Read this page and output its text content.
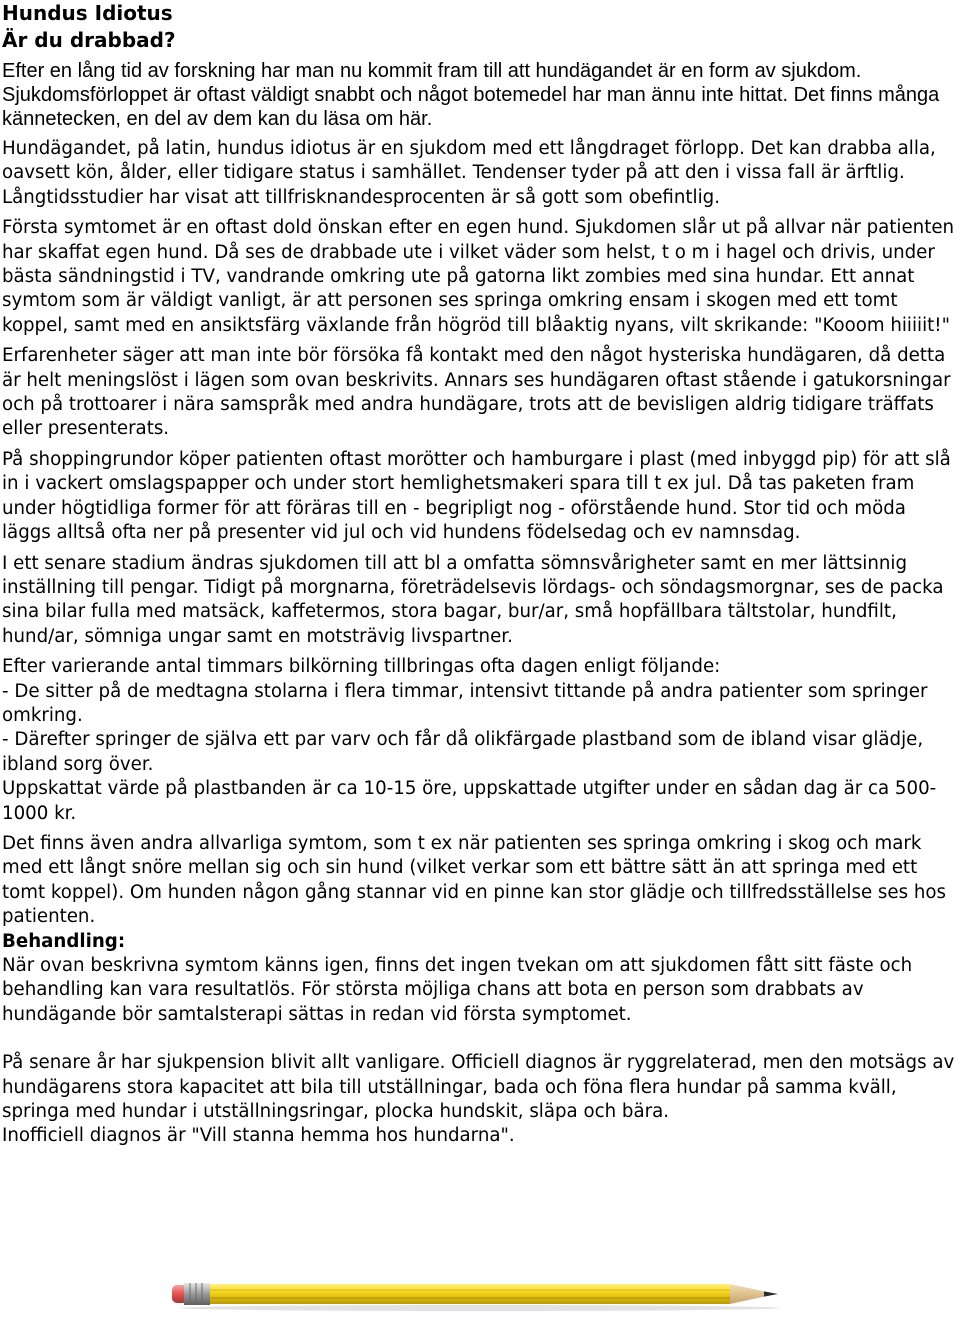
Hundus Idiotus
Är du drabbad?

Efter en lång tid av forskning har man nu kommit fram till att hundägandet är en form av sjukdom. Sjukdomsförloppet är oftast väldigt snabbt och något botemedel har man ännu inte hittat. Det finns många kännetecken, en del av dem kan du läsa om här.

Hundägandet, på latin, hundus idiotus är en sjukdom med ett långdraget förlopp. Det kan drabba alla, oavsett kön, ålder, eller tidigare status i samhället. Tendenser tyder på att den i vissa fall är ärftlig. Långtidsstudier har visat att tillfrisknandesprocenten är så gott som obefintlig.

Första symtomet är en oftast dold önskan efter en egen hund. Sjukdomen slår ut på allvar när patienten har skaffat egen hund. Då ses de drabbade ute i vilket väder som helst, t o m i hagel och drivis, under bästa sändningstid i TV, vandrande omkring ute på gatorna likt zombies med sina hundar. Ett annat symtom som är väldigt vanligt, är att personen ses springa omkring ensam i skogen med ett tomt koppel, samt med en ansiktsfärg växlande från högröd till blåaktig nyans, vilt skrikande: "Kooom hiiiiit!"

Erfarenheter säger att man inte bör försöka få kontakt med den något hysteriska hundägaren, då detta är helt meningslöst i lägen som ovan beskrivits. Annars ses hundägaren oftast stående i gatukorsningar och på trottoarer i nära samspråk med andra hundägare, trots att de bevisligen aldrig tidigare träffats eller presenterats.

På shoppingrundor köper patienten oftast morötter och hamburgare i plast (med inbyggd pip) för att slå in i vackert omslagspapper och under stort hemlighetsmakeri spara till t ex jul. Då tas paketen fram under högtidliga former för att föräras till en - begripligt nog - oförstående hund. Stor tid och möda läggs alltså ofta ner på presenter vid jul och vid hundens födelsedag och ev namnsdag.

I ett senare stadium ändras sjukdomen till att bl a omfatta sömnsvårigheter samt en mer lättsinnig inställning till pengar. Tidigt på morgnarna, företrädelsevis lördags- och söndagsmorgnar, ses de packa sina bilar fulla med matsäck, kaffetermos, stora bagar, bur/ar, små hopfällbara tältstolar, hundfilt, hund/ar, sömniga ungar samt en motsträvig livspartner.

Efter varierande antal timmars bilkörning tillbringas ofta dagen enligt följande:
- De sitter på de medtagna stolarna i flera timmar, intensivt tittande på andra patienter som springer omkring.
- Därefter springer de själva ett par varv och får då olikfärgade plastband som de ibland visar glädje, ibland sorg över.
Uppskattat värde på plastbanden är ca 10-15 öre, uppskattade utgifter under en sådan dag är ca 500-1000 kr.

Det finns även andra allvarliga symtom, som t ex när patienten ses springa omkring i skog och mark med ett långt snöre mellan sig och sin hund (vilket verkar som ett bättre sätt än att springa med ett tomt koppel). Om hunden någon gång stannar vid en pinne kan stor glädje och tillfredsställelse ses hos patienten.

Behandling:
När ovan beskrivna symtom känns igen, finns det ingen tvekan om att sjukdomen fått sitt fäste och behandling kan vara resultatlös. För största möjliga chans att bota en person som drabbats av hundägande bör samtalsterapi sättas in redan vid första symptomet.
På senare år har sjukpension blivit allt vanligare. Officiell diagnos är ryggrelaterad, men den motsägs av hundägarens stora kapacitet att bila till utställningar, bada och föna flera hundar på samma kväll, springa med hundar i utställningsringar, plocka hundskit, släpa och bära.
Inofficiell diagnos är "Vill stanna hemma hos hundarna".
